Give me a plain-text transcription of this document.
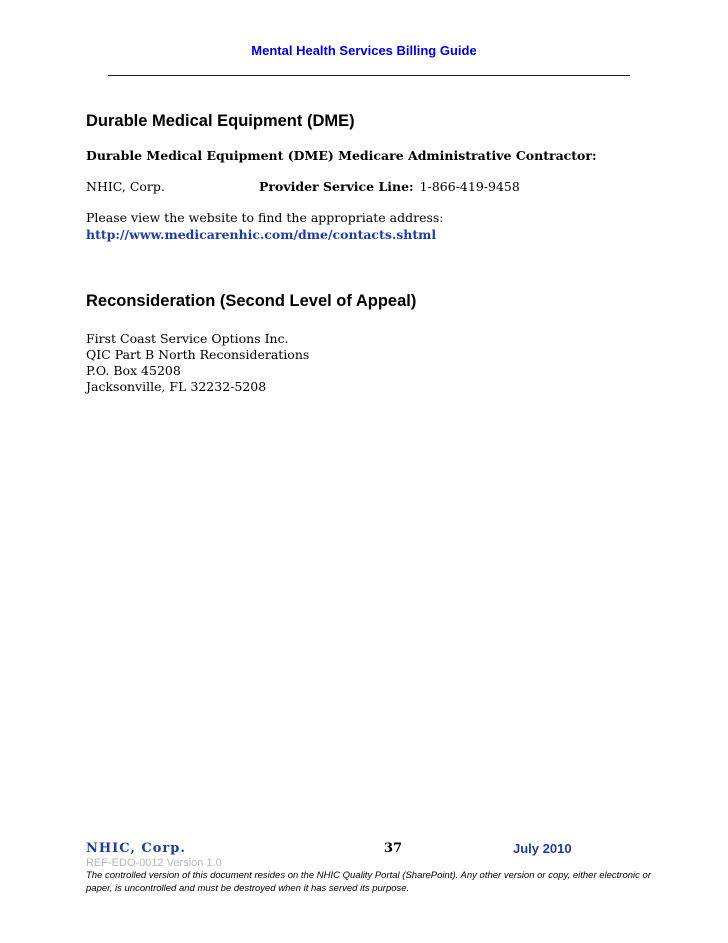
Mental Health Services Billing Guide
Durable Medical Equipment (DME)
Durable Medical Equipment (DME) Medicare Administrative Contractor:
NHIC, Corp.	Provider Service Line: 1-866-419-9458
Please view the website to find the appropriate address:
http://www.medicarenhic.com/dme/contacts.shtml
Reconsideration (Second Level of Appeal)
First Coast Service Options Inc.
QIC Part B North Reconsiderations
P.O. Box 45208
Jacksonville, FL 32232-5208
NHIC, Corp.	37	July 2010
REF-EDO-0012 Version 1.0
The controlled version of this document resides on the NHIC Quality Portal (SharePoint). Any other version or copy, either electronic or paper, is uncontrolled and must be destroyed when it has served its purpose.
